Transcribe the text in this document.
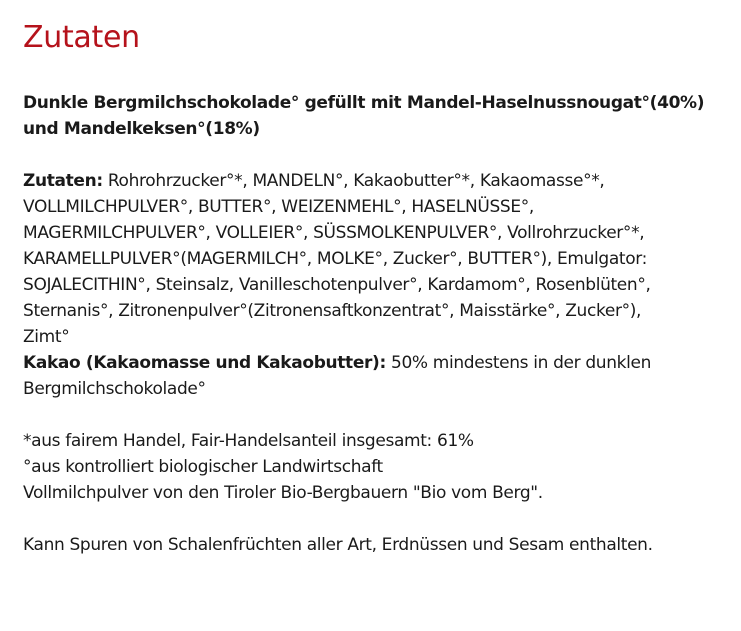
Zutaten
Dunkle Bergmilchschokolade° gefüllt mit Mandel-Haselnussnougat°(40%)
und Mandelkeksen°(18%)
Zutaten: Rohrohrzucker°*, MANDELN°, Kakaobutter°*, Kakaomasse°*,
VOLLMILCHPULVER°, BUTTER°, WEIZENMEHL°, HASELNÜSSE°,
MAGERMILCHPULVER°, VOLLEIER°, SÜSSMOLKENPULVER°, Vollrohrzucker°*,
KARAMELLPULVER°(MAGERMILCH°, MOLKE°, Zucker°, BUTTER°), Emulgator:
SOJALECITHIN°, Steinsalz, Vanilleschotenpulver°, Kardamom°, Rosenblüten°,
Sternanis°, Zitronenpulver°(Zitronensaftkonzentrat°, Maisstärke°, Zucker°),
Zimt°
Kakao (Kakaomasse und Kakaobutter): 50% mindestens in der dunklen
Bergmilchschokolade°
*aus fairem Handel, Fair-Handelsanteil insgesamt: 61%
°aus kontrolliert biologischer Landwirtschaft
Vollmilchpulver von den Tiroler Bio-Bergbauern "Bio vom Berg".
Kann Spuren von Schalenfrüchten aller Art, Erdnüssen und Sesam enthalten.
